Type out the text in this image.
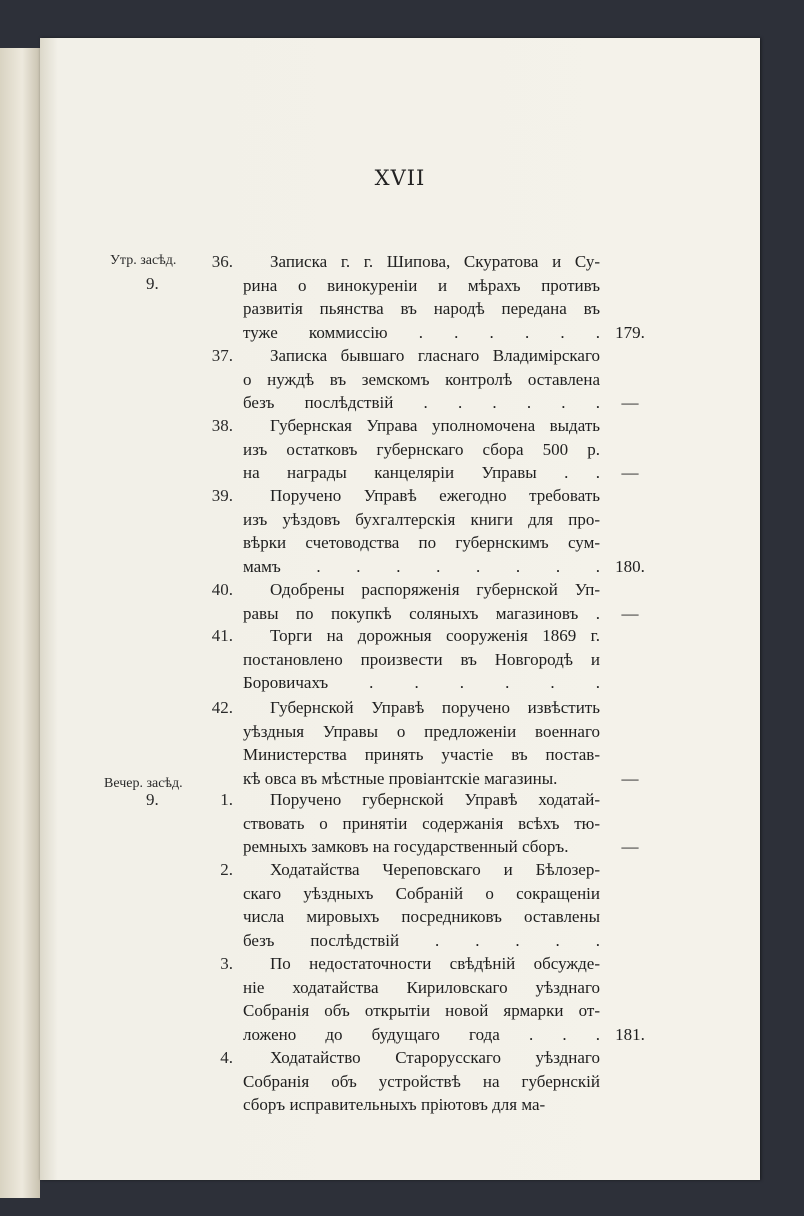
XVII
Утр. засѣд.
9.
36. Записка г. г. Шипова, Скуратова и Су-
рина о винокуреніи и мѣрахъ противъ
развитія пьянства въ народѣ передана въ
тужe коммиссію . . . . . . 179.
37. Записка бывшаго гласнаго Владимірскаго
о нуждѣ въ земскомъ контролѣ оставлена
безъ послѣдствій . . . . . .	—
38. Губернская Управа уполномочена выдать
изъ остатковъ губернскаго сбора 500 р.
на награды канцеляріи Управы . .	—
39. Поручено Управѣ ежегодно требовать
изъ уѣздовъ бухгалтерскія книги для про-
вѣрки счетоводства по губернскимъ сум-
мамъ . . . . . . . . 180.
40. Одобрены распоряженія губернской Уп-
равы по покупкѣ соляныхъ магазиновъ .	—
41. Торги на дорожныя сооруженія 1869 г.
постановлено произвести въ Новгородѣ и
Боровичахъ . . . . . .
42. Губернской Управѣ поручено извѣстить
уѣздныя Управы о предложеніи военнаго
Министерства принять участіе въ постав-
кѣ овса въ мѣстные провіантскіе магазины.	—
Вечер. засѣд.
9.	1. Поручено губернской Управѣ ходатай-
ствовать о принятіи содержанія всѣхъ тю-
ремныхъ замковъ на государственный сборъ.	—
2. Ходатайства Череповскаго и Бѣлозер-
скаго уѣздныхъ Собраній о сокращеніи
числа мировыхъ посредниковъ оставлены
безъ послѣдствій . . . . .
3. По недостаточности свѣдѣній обсужде-
ніе ходатайства Кириловскаго уѣзднаго
Собранія объ открытіи новой ярмарки от-
ложено до будущаго года . . . 181.
4. Ходатайство Старорусскаго уѣзднаго
Собранія объ устройствѣ на губернскій
сборъ исправительныхъ пріютовъ для ма-
